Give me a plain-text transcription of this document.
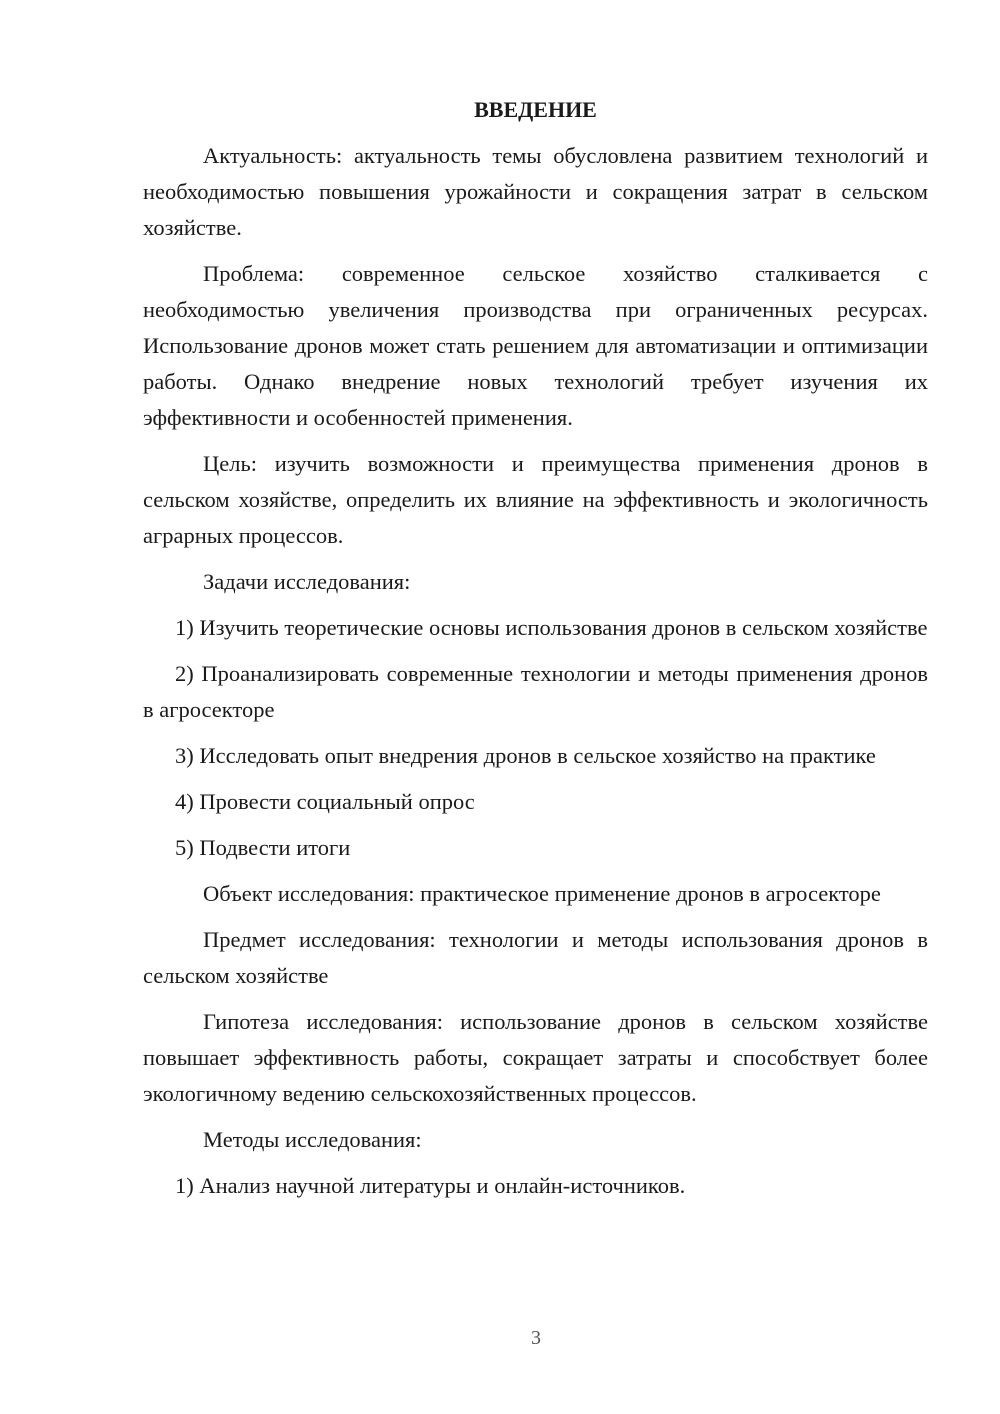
ВВЕДЕНИЕ

Актуальность: актуальность темы обусловлена развитием технологий и необходимостью повышения урожайности и сокращения затрат в сельском хозяйстве.

Проблема: современное сельское хозяйство сталкивается с необходимостью увеличения производства при ограниченных ресурсах. Использование дронов может стать решением для автоматизации и оптимизации работы. Однако внедрение новых технологий требует изучения их эффективности и особенностей применения.

Цель: изучить возможности и преимущества применения дронов в сельском хозяйстве, определить их влияние на эффективность и экологичность аграрных процессов.

Задачи исследования:

1) Изучить теоретические основы использования дронов в сельском хозяйстве

2) Проанализировать современные технологии и методы применения дронов в агросекторе

3) Исследовать опыт внедрения дронов в сельское хозяйство на практике

4) Провести социальный опрос

5) Подвести итоги

Объект исследования: практическое применение дронов в агросекторе

Предмет исследования: технологии и методы использования дронов в сельском хозяйстве

Гипотеза исследования: использование дронов в сельском хозяйстве повышает эффективность работы, сокращает затраты и способствует более экологичному ведению сельскохозяйственных процессов.

Методы исследования:

1) Анализ научной литературы и онлайн-источников.

3
